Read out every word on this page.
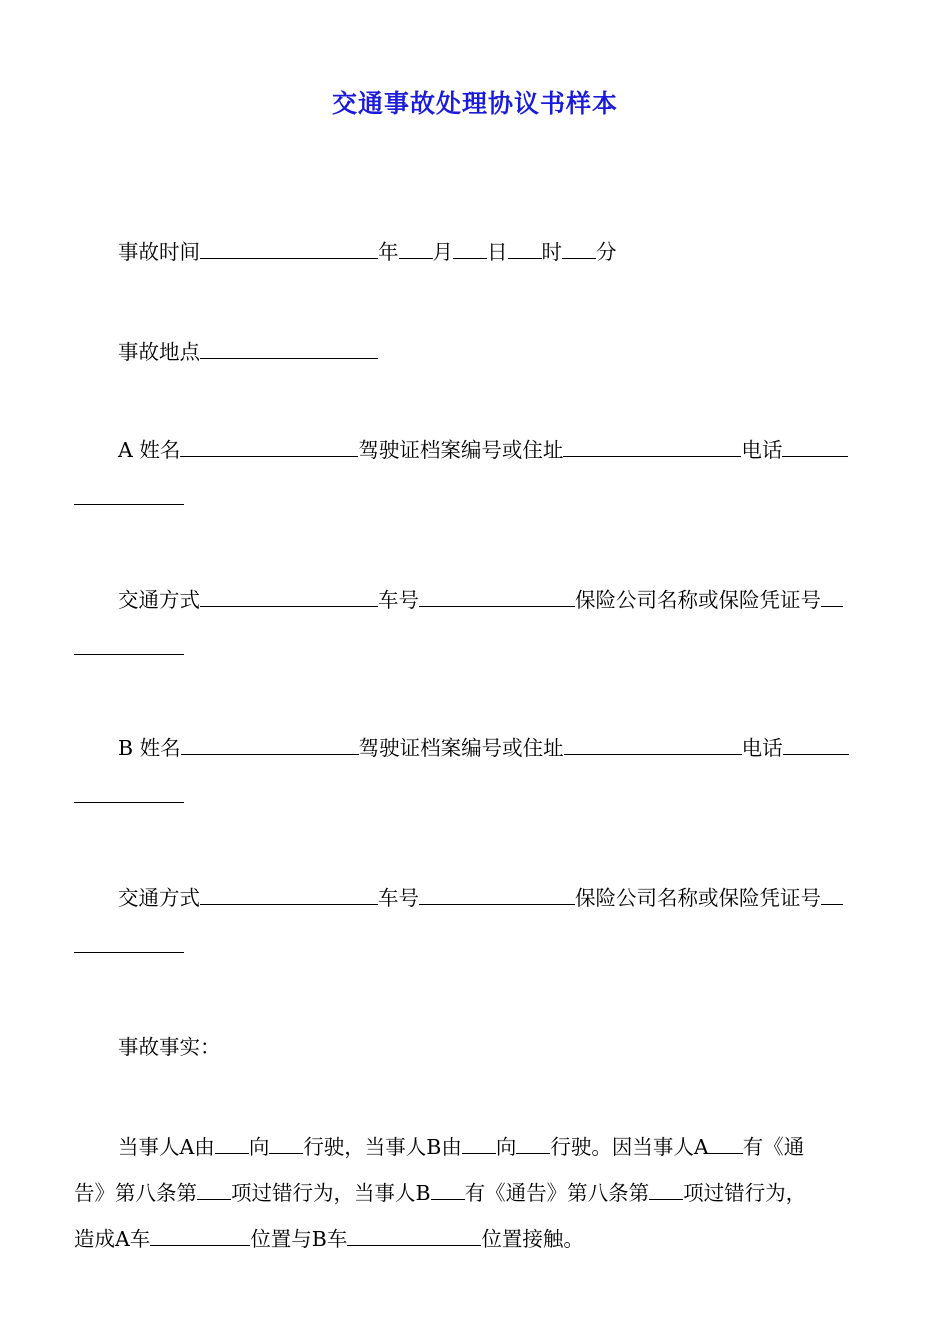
交通事故处理协议书样本
事故时间	年 月 日 时 分
事故地点
A 姓名	驾驶证档案编号或住址	电话
交通方式	车号	保险公司名称或保险凭证号
B 姓名	驾驶证档案编号或住址	电话
交通方式	车号	保险公司名称或保险凭证号
事故事实：
当事人A由 向 行驶，当事人B由 向 行驶。因当事人A 有《通
告》第八条第 项过错行为，当事人B 有《通告》第八条第 项过错行为，
造成A车	位置与B车	位置接触。
